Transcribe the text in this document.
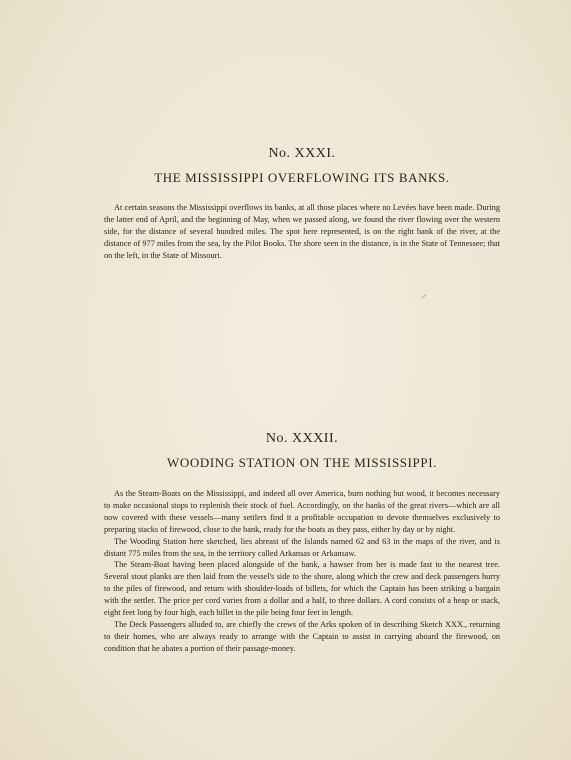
No. XXXI.
THE MISSISSIPPI OVERFLOWING ITS BANKS.

At certain seasons the Mississippi overflows its banks, at all those places where no Levées have been made. During the latter end of April, and the beginning of May, when we passed along, we found the river flowing over the western side, for the distance of several hundred miles. The spot here represented, is on the right bank of the river, at the distance of 977 miles from the sea, by the Pilot Books. The shore seen in the distance, is in the State of Tennessee; that on the left, in the State of Missouri.

No. XXXII.
WOODING STATION ON THE MISSISSIPPI.

As the Steam-Boats on the Mississippi, and indeed all over America, burn nothing but wood, it becomes necessary to make occasional stops to replenish their stock of fuel. Accordingly, on the banks of the great rivers—which are all now covered with these vessels—many settlers find it a profitable occupation to devote themselves exclusively to preparing stacks of firewood, close to the bank, ready for the boats as they pass, either by day or by night.

The Wooding Station here sketched, lies abreast of the Islands named 62 and 63 in the maps of the river, and is distant 775 miles from the sea, in the territory called Arkansas or Arkansaw.

The Steam-Boat having been placed alongside of the bank, a hawser from her is made fast to the nearest tree. Several stout planks are then laid from the vessel's side to the shore, along which the crew and deck passengers hurry to the piles of firewood, and return with shoulder-loads of billets, for which the Captain has been striking a bargain with the settler. The price per cord varies from a dollar and a half, to three dollars. A cord consists of a heap or stack, eight feet long by four high, each billet in the pile being four feet in length.

The Deck Passengers alluded to, are chiefly the crews of the Arks spoken of in describing Sketch XXX., returning to their homes, who are always ready to arrange with the Captain to assist in carrying aboard the firewood, on condition that he abates a portion of their passage-money.
